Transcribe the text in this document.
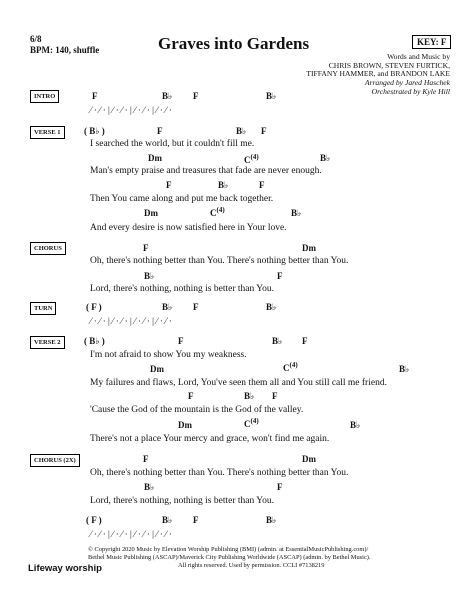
6/8
BPM: 140, shuffle	Graves into Gardens	KEY: F
Words and Music by
CHRIS BROWN, STEVEN FURTICK,
TIFFANY HAMMER, and BRANDON LAKE
Arranged by Jared Haschek
Orchestrated by Kyle Hill
INTRO	F	B♭ F	B♭
⁄ · ⁄ · | ⁄ · ⁄ · | ⁄ · ⁄ · | ⁄ · ⁄ ·
VERSE 1	( B♭ )	F	B♭ F
I searched the world, but it couldn't fill me.
Dm	$C^{(4)}$	B♭
Man's empty praise and treasures that fade are never enough.
F	B♭	F
Then You came along and put me back together.
Dm	$C^{(4)}$	B♭
And every desire is now satisfied here in Your love.
CHORUS	F	Dm
Oh, there's nothing better than You. There's nothing better than You.
B♭	F
Lord, there's nothing, nothing is better than You.
TURN	( F )	B♭ F	B♭
⁄ · ⁄ · | ⁄ · ⁄ · | ⁄ · ⁄ · | ⁄ · ⁄ ·
VERSE 2	( B♭ )	F	B♭ F
I'm not afraid to show You my weakness.
Dm	$C^{(4)}$	B♭
My failures and flaws, Lord, You've seen them all and You still call me friend.
F	B♭ F
'Cause the God of the mountain is the God of the valley.
Dm	$C^{(4)}$	B♭
There's not a place Your mercy and grace, won't find me again.
CHORUS (2X)	F	Dm
Oh, there's nothing better than You. There's nothing better than You.
B♭	F
Lord, there's nothing, nothing is better than You.
( F )	B♭ F	B♭
⁄ · ⁄ · | ⁄ · ⁄ · | ⁄ · ⁄ · | ⁄ · ⁄ ·
© Copyright 2020 Music by Elevation Worship Publishing (BMI) (admin. at EssentialMusicPublishing.com)/
Bethel Music Publishing (ASCAP)/Maverick City Publishing Worldwide (ASCAP) (admin. by Bethel Music).
All rights reserved. Used by permission. CCLI #7138219
Lifeway worship
